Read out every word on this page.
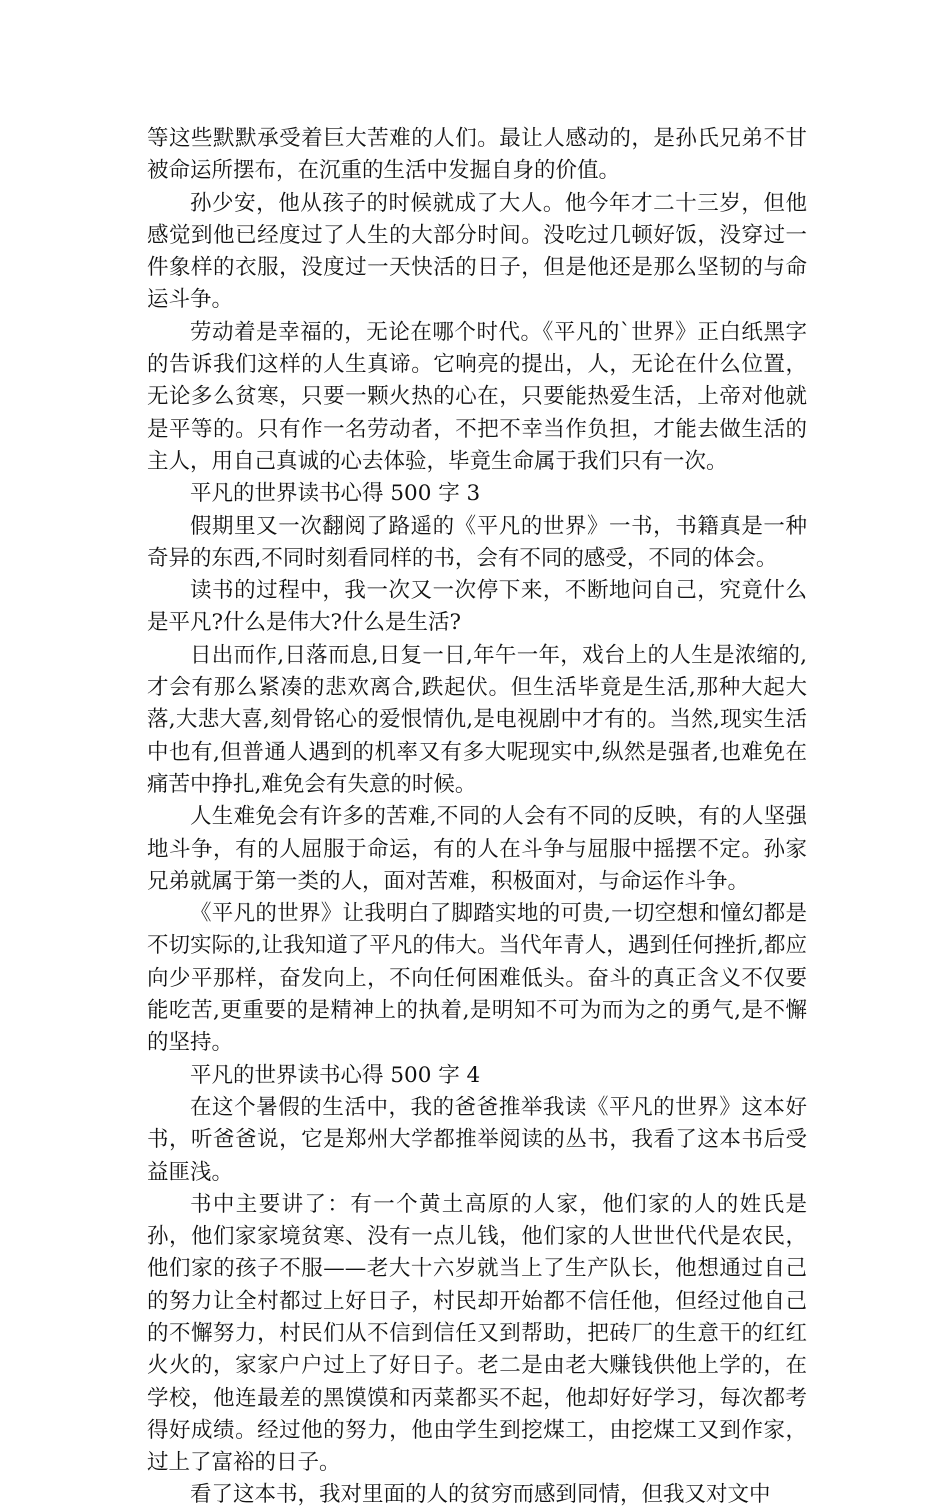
等这些默默承受着巨大苦难的人们。最让人感动的，是孙氏兄弟不甘被命运所摆布，在沉重的生活中发掘自身的价值。

孙少安，他从孩子的时候就成了大人。他今年才二十三岁，但他感觉到他已经度过了人生的大部分时间。没吃过几顿好饭，没穿过一件象样的衣服，没度过一天快活的日子，但是他还是那么坚韧的与命运斗争。

劳动着是幸福的，无论在哪个时代。《平凡的`世界》正白纸黑字的告诉我们这样的人生真谛。它响亮的提出，人，无论在什么位置，无论多么贫寒，只要一颗火热的心在，只要能热爱生活，上帝对他就是平等的。只有作一名劳动者，不把不幸当作负担，才能去做生活的主人，用自己真诚的心去体验，毕竟生命属于我们只有一次。

平凡的世界读书心得 500 字 3

假期里又一次翻阅了路遥的《平凡的世界》一书，书籍真是一种奇异的东西,不同时刻看同样的书，会有不同的感受，不同的体会。

读书的过程中，我一次又一次停下来，不断地问自己，究竟什么是平凡?什么是伟大?什么是生活?

日出而作,日落而息,日复一日,年午一年，戏台上的人生是浓缩的,才会有那么紧凑的悲欢离合,跌起伏。但生活毕竟是生活,那种大起大落,大悲大喜,刻骨铭心的爱恨情仇,是电视剧中才有的。当然,现实生活中也有,但普通人遇到的机率又有多大呢现实中,纵然是强者,也难免在痛苦中挣扎,难免会有失意的时候。

人生难免会有许多的苦难,不同的人会有不同的反映，有的人坚强地斗争，有的人屈服于命运，有的人在斗争与屈服中摇摆不定。孙家兄弟就属于第一类的人，面对苦难，积极面对，与命运作斗争。

《平凡的世界》让我明白了脚踏实地的可贵,一切空想和憧幻都是不切实际的,让我知道了平凡的伟大。当代年青人，遇到任何挫折,都应向少平那样，奋发向上，不向任何困难低头。奋斗的真正含义不仅要能吃苦,更重要的是精神上的执着,是明知不可为而为之的勇气,是不懈的坚持。

平凡的世界读书心得 500 字 4

在这个暑假的生活中，我的爸爸推举我读《平凡的世界》这本好书，听爸爸说，它是郑州大学都推举阅读的丛书，我看了这本书后受益匪浅。

书中主要讲了：有一个黄土高原的人家，他们家的人的姓氏是孙，他们家家境贫寒、没有一点儿钱，他们家的人世世代代是农民，他们家的孩子不服——老大十六岁就当上了生产队长，他想通过自己的努力让全村都过上好日子，村民却开始都不信任他，但经过他自己的不懈努力，村民们从不信到信任又到帮助，把砖厂的生意干的红红火火的，家家户户过上了好日子。老二是由老大赚钱供他上学的，在学校，他连最差的黑馍馍和丙菜都买不起，他却好好学习，每次都考得好成绩。经过他的努力，他由学生到挖煤工，由挖煤工又到作家，过上了富裕的日子。

看了这本书，我对里面的人的贫穷而感到同情，但我又对文中
